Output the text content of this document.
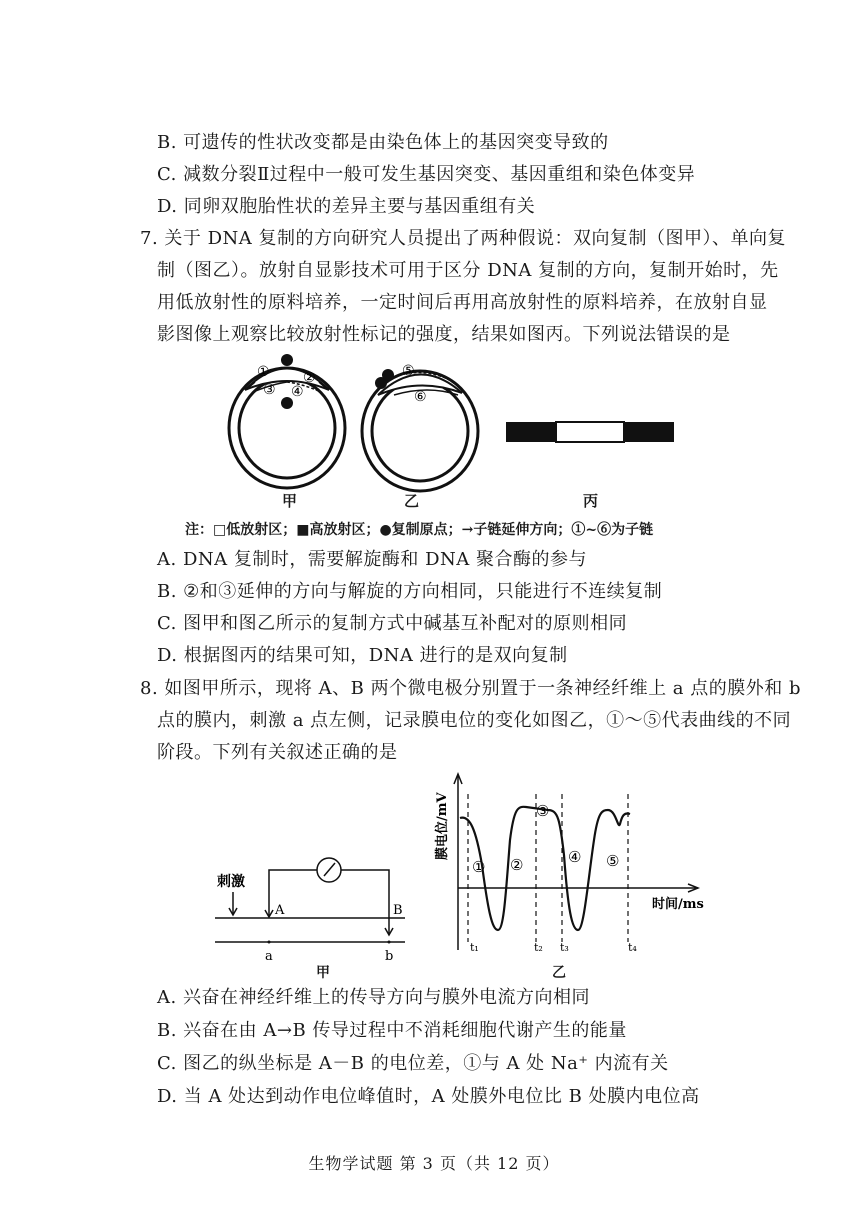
B. 可遗传的性状改变都是由染色体上的基因突变导致的
C. 减数分裂Ⅱ过程中一般可发生基因突变、基因重组和染色体变异
D. 同卵双胞胎性状的差异主要与基因重组有关
7. 关于 DNA 复制的方向研究人员提出了两种假说：双向复制（图甲）、单向复
制（图乙）。放射自显影技术可用于区分 DNA 复制的方向，复制开始时，先
用低放射性的原料培养，一定时间后再用高放射性的原料培养，在放射自显
影图像上观察比较放射性标记的强度，结果如图丙。下列说法错误的是
① ②
③ ④
⑤
⑥
甲	乙	丙
注：□低放射区；■高放射区；●复制原点；→子链延伸方向；①~⑥为子链
A. DNA 复制时，需要解旋酶和 DNA 聚合酶的参与
B. ②和③延伸的方向与解旋的方向相同，只能进行不连续复制
C. 图甲和图乙所示的复制方式中碱基互补配对的原则相同
D. 根据图丙的结果可知，DNA 进行的是双向复制
8. 如图甲所示，现将 A、B 两个微电极分别置于一条神经纤维上 a 点的膜外和 b
点的膜内，刺激 a 点左侧，记录膜电位的变化如图乙，①～⑤代表曲线的不同
阶段。下列有关叙述正确的是
刺激
A	B
a	b
甲
膜电位/mV
时间/ms
t₁	t₂ t₃	t₄
① ②
③
④ ⑤
乙
A. 兴奋在神经纤维上的传导方向与膜外电流方向相同
B. 兴奋在由 A→B 传导过程中不消耗细胞代谢产生的能量
C. 图乙的纵坐标是 A－B 的电位差，①与 A 处 Na⁺ 内流有关
D. 当 A 处达到动作电位峰值时，A 处膜外电位比 B 处膜内电位高
生物学试题 第 3 页（共 12 页）
